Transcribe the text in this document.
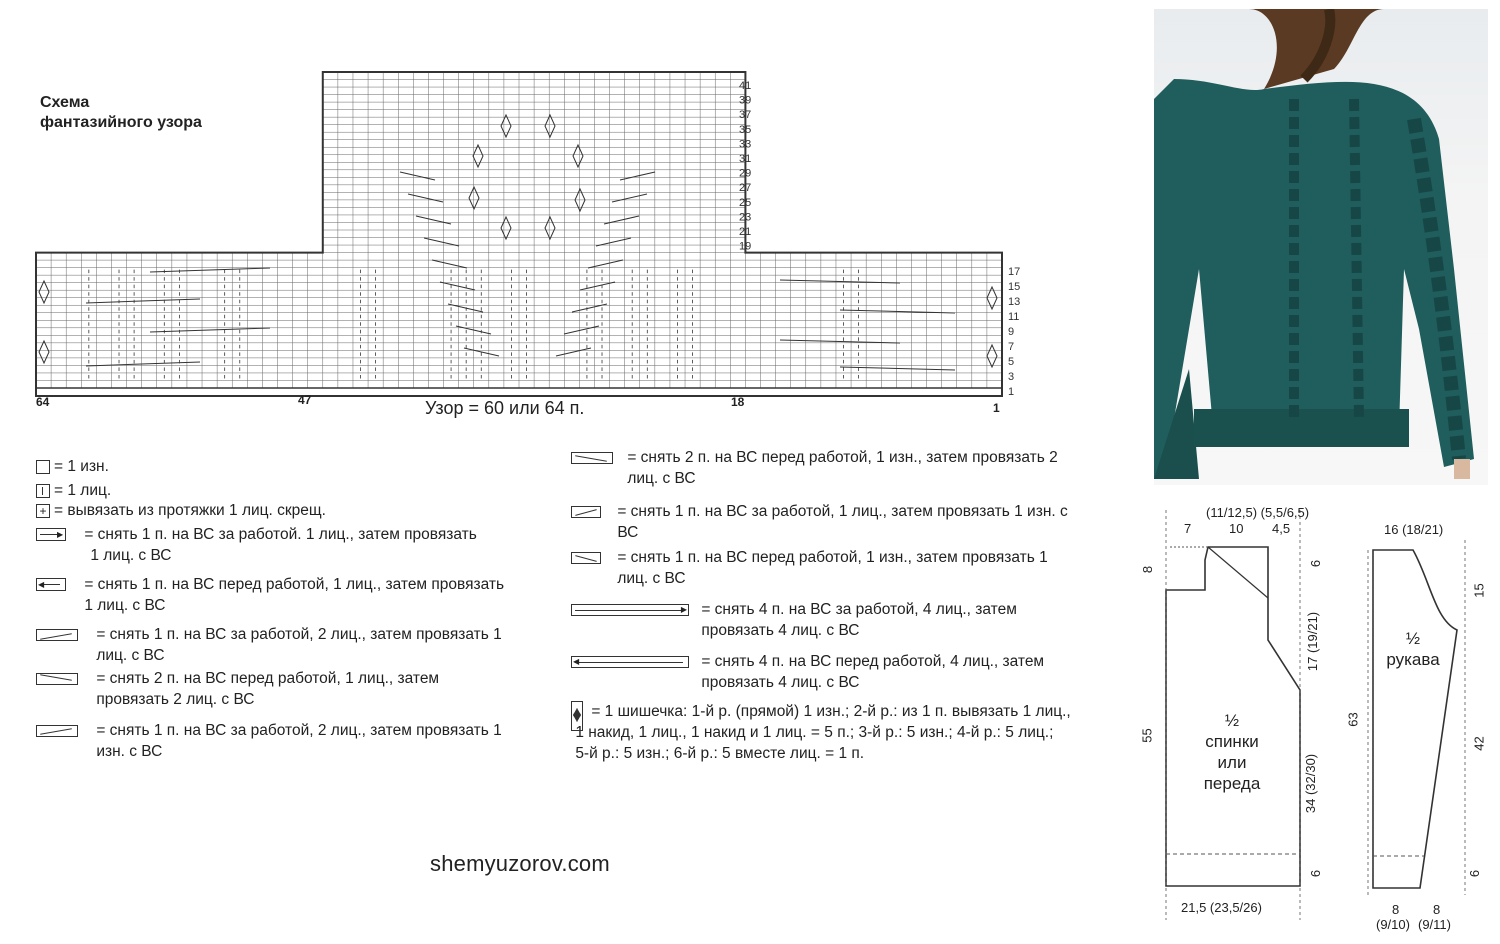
41
39
37
35
33
31
29
27
25
23
21
19
17
15
13
11
9
7
5
3
1
Схема
фантазийного узора
Узор = 60 или 64 п.
64	47	18	1
= 1 изн.
= 1 лиц.
+ = вывязать из протяжки 1 лиц. скрещ.
▶ = снять 1 п. на ВС за работой. 1 лиц., затем провязать
1 лиц. с ВС
◀	= снять 1 п. на ВС перед работой, 1 лиц., затем провязать
1 лиц. с ВС
= снять 1 п. на ВС за работой, 2 лиц., затем провязать 1
лиц. с ВС
= снять 2 п. на ВС перед работой, 1 лиц., затем
провязать 2 лиц. с ВС
= снять 1 п. на ВС за работой, 2 лиц., затем провязать 1
изн. с ВС
= снять 2 п. на ВС перед работой, 1 изн., затем провязать 2
лиц. с ВС
= снять 1 п. на ВС за работой, 1 лиц., затем провязать 1 изн. с
ВС
= снять 1 п. на ВС перед работой, 1 изн., затем провязать 1
лиц. с ВС
▶ = снять 4 п. на ВС за работой, 4 лиц., затем
провязать 4 лиц. с ВС
◀	= снять 4 п. на ВС перед работой, 4 лиц., затем
провязать 4 лиц. с ВС
= 1 шишечка: 1-й р. (прямой) 1 изн.; 2-й р.: из 1 п. вывязать 1 лиц.,
1 накид, 1 лиц., 1 накид и 1 лиц. = 5 п.; 3-й р.: 5 изн.; 4-й р.: 5 лиц.;
5-й р.: 5 изн.; 6-й р.: 5 вместе лиц. = 1 п.
shemyuzorov.com
(11/12,5) (5,5/6,5)
7	10 4,5
8
6
17 (19/21)
55
34 (32/30)
6
21,5 (23,5/26)
½
спинки
или
переда
16 (18/21)
15
63
42
6
8
(9/10)
8
(9/11)
½
рукава
